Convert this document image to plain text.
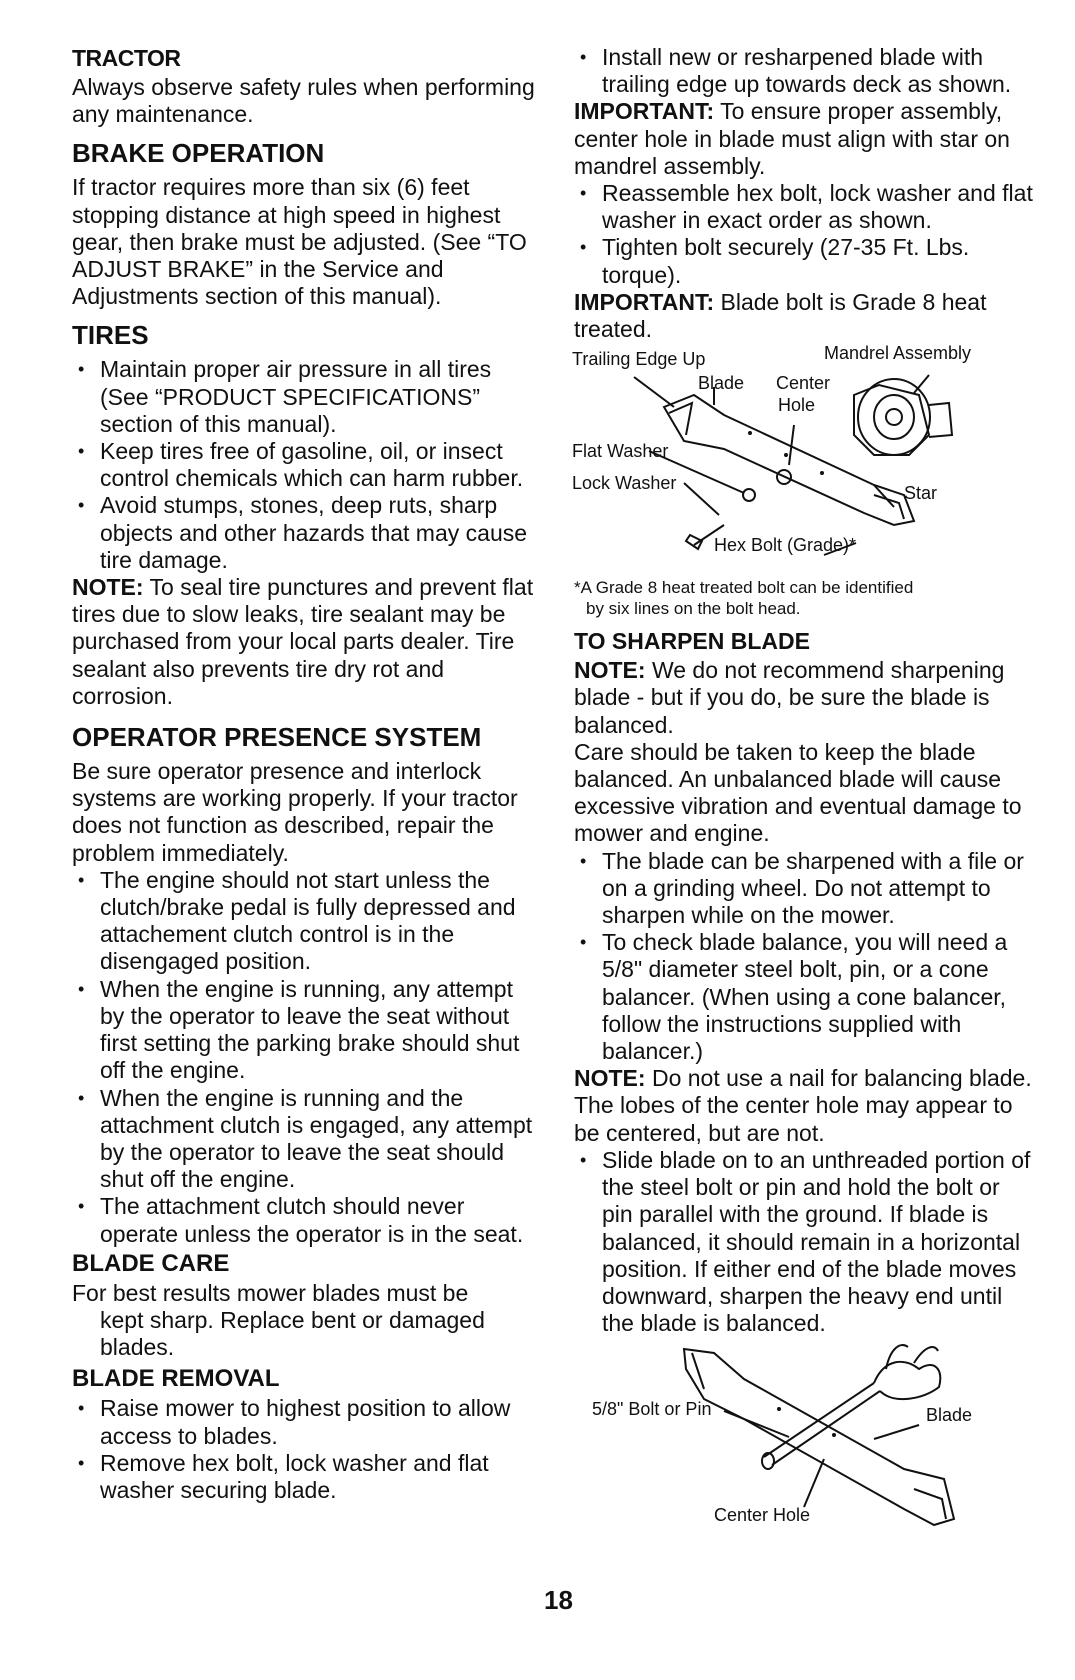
TRACTOR

Always observe safety rules when performing any maintenance.

BRAKE OPERATION

If tractor requires more than six (6) feet stopping distance at high speed in highest gear, then brake must be adjusted. (See “TO ADJUST BRAKE” in the Service and Adjustments section of this manual).

TIRES
• Maintain proper air pressure in all tires (See “PRODUCT SPECIFICATIONS” section of this manual).
• Keep tires free of gasoline, oil, or insect control chemicals which can harm rubber.
• Avoid stumps, stones, deep ruts, sharp objects and other hazards that may cause tire damage.

NOTE: To seal tire punctures and prevent flat tires due to slow leaks, tire sealant may be purchased from your local parts dealer. Tire sealant also prevents tire dry rot and corrosion.

OPERATOR PRESENCE SYSTEM

Be sure operator presence and interlock systems are working properly. If your tractor does not function as described, repair the problem immediately.

• The engine should not start unless the clutch/brake pedal is fully depressed and attachement clutch control is in the disengaged position.
• When the engine is running, any attempt by the operator to leave the seat without first setting the parking brake should shut off the engine.
• When the engine is running and the attachment clutch is engaged, any attempt by the operator to leave the seat should shut off the engine.
• The attachment clutch should never operate unless the operator is in the seat.
BLADE CARE

For best results mower blades must be

kept sharp. Replace bent or damaged blades.

BLADE REMOVAL
• Raise mower to highest position to allow access to blades.
• Remove hex bolt, lock washer and flat washer securing blade.
• Install new or resharpened blade with trailing edge up towards deck as shown.

IMPORTANT: To ensure proper assembly, center hole in blade must align with star on mandrel assembly.

• Reassemble hex bolt, lock washer and flat washer in exact order as shown.
• Tighten bolt securely (27-35 Ft. Lbs. torque).

IMPORTANT: Blade bolt is Grade 8 heat treated.

Trailing Edge Up	Mandrel Assembly
Blade Center
Hole
Flat Washer
Lock Washer	Star
Hex Bolt (Grade)*

*A Grade 8 heat treated bolt can be identified

by six lines on the bolt head.

TO SHARPEN BLADE

NOTE: We do not recommend sharpening blade - but if you do, be sure the blade is balanced.

Care should be taken to keep the blade balanced. An unbalanced blade will cause excessive vibration and eventual damage to mower and engine.

• The blade can be sharpened with a file or on a grinding wheel. Do not attempt to sharpen while on the mower.
• To check blade balance, you will need a 5/8" diameter steel bolt, pin, or a cone balancer. (When using a cone balancer, follow the instructions supplied with balancer.)

NOTE: Do not use a nail for balancing blade. The lobes of the center hole may appear to be centered, but are not.

• Slide blade on to an unthreaded portion of the steel bolt or pin and hold the bolt or pin parallel with the ground. If blade is balanced, it should remain in a horizontal position. If either end of the blade moves downward, sharpen the heavy end until the blade is balanced.
5/8" Bolt or Pin	Blade
Center Hole
18
